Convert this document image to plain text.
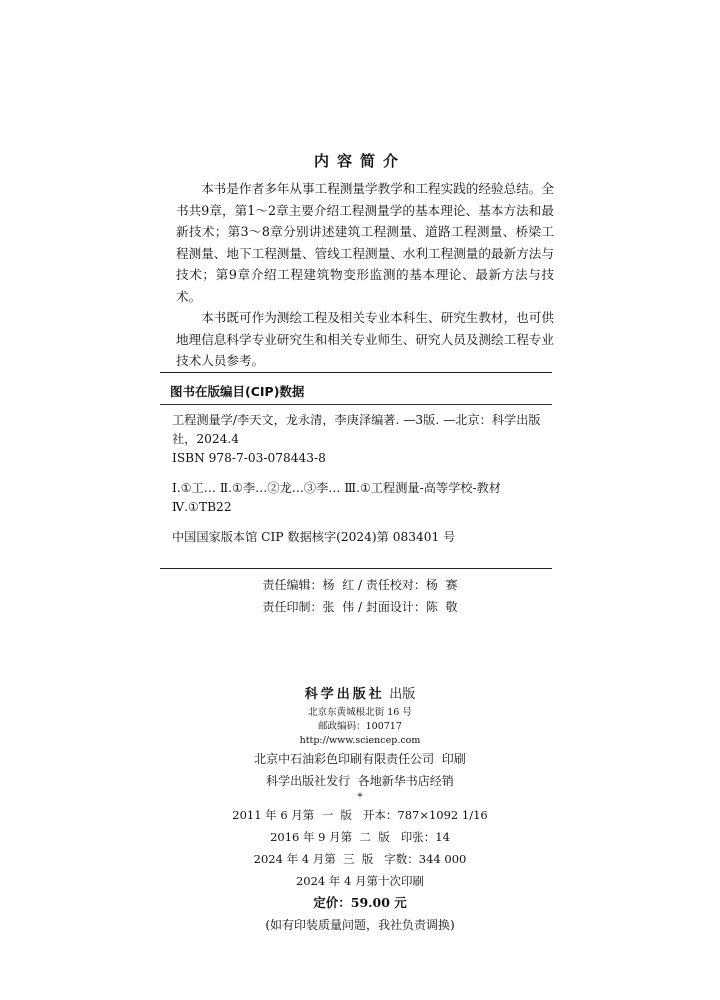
内容简介

本书是作者多年从事工程测量学教学和工程实践的经验总结。全书共9章，第1～2章主要介绍工程测量学的基本理论、基本方法和最新技术；第3～8章分别讲述建筑工程测量、道路工程测量、桥梁工程测量、地下工程测量、管线工程测量、水利工程测量的最新方法与技术；第9章介绍工程建筑物变形监测的基本理论、最新方法与技术。

本书既可作为测绘工程及相关专业本科生、研究生教材，也可供地理信息科学专业研究生和相关专业师生、研究人员及测绘工程专业技术人员参考。

图书在版编目(CIP)数据
工程测量学/李天文，龙永清，李庚泽编著. —3版. —北京：科学出版
社，2024.4
ISBN 978-7-03-078443-8
Ⅰ.①工… Ⅱ.①李…②龙…③李… Ⅲ.①工程测量-高等学校-教材
Ⅳ.①TB22
中国国家版本馆 CIP 数据核字(2024)第 083401 号
责任编辑：杨  红 / 责任校对：杨  赛
责任印制：张  伟 / 封面设计：陈  敬
科学出版社 出版
北京东黄城根北街 16 号
邮政编码：100717
http://www.sciencep.com
北京中石油彩色印刷有限责任公司  印刷
科学出版社发行  各地新华书店经销
*
2011 年 6 月第  一  版   开本：787×1092 1/16
2016 年 9 月第  二  版   印张：14
2024 年 4 月第  三  版   字数：344 000
2024 年 4 月第十次印刷
定价：59.00 元
(如有印装质量问题，我社负责调换)
